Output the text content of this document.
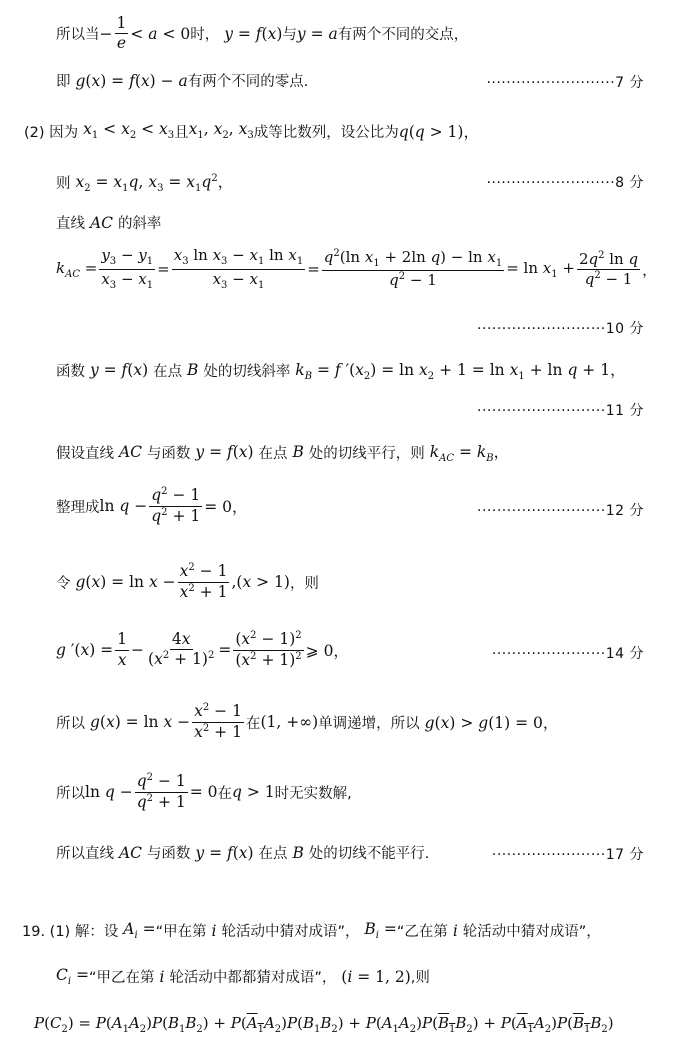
所以当 − $\frac{1}{e} < a < 0$ 时， y = f(x) 与 y = a 有两个不同的交点，
即 g(x) = f(x) − a 有两个不同的零点.	··························7 分
(2) 因为 $x_1 < x_2 < x_3$ 且 $x_1$, $x_2$, $x_3$ 成等比数列，设公比为 q(q > 1)，
则 $x_2 = x_1q$, $x_3 = x_1q^2$，	··························8 分
直线 AC 的斜率
$k_{AC} = \frac{y_3 - y_1}{x_3 - x_1} = \frac{x_3 \ln x_3 - x_1 \ln x_1}{x_3 - x_1} = \frac{q^2(\ln x_1 + 2\ln q) - \ln x_1}{q^2 - 1} = \ln x_1 + \frac{2q^2 \ln q}{q^2 - 1}$ ，
··························10 分
函数 y = f(x) 在点 B 处的切线斜率 $k_B = f$ $'(x_2) = \ln x_2 + 1 = \ln x_1 + \ln q + 1$，
··························11 分
假设直线 AC 与函数 y = f(x) 在点 B 处的切线平行，则 $k_{AC} = k_B$，
整理成 $\ln q - \frac{q^2 - 1}{q^2 + 1} = 0$，	··························12 分
令 $g(x) = \ln x - \frac{x^2 - 1}{x^2 + 1} ,(x > 1)$ ，则
g $'(x) = \frac{1}{x} - \frac{4x}{(x^2 + 1)^2} = \frac{(x^2 - 1)^2}{(x^2 + 1)^2}$ ⩾ 0，	·······················14 分
所以 $g(x) = \ln x - \frac{x^2 - 1}{x^2 + 1}$ 在 (1, +∞) 单调递增，所以 g(x) > g(1) = 0，
所以 $\ln q - \frac{q^2 - 1}{q^2 + 1} = 0$ 在 q > 1 时无实数解,
所以直线 AC 与函数 y = f(x) 在点 B 处的切线不能平行.	·······················17 分
19. (1) 解：设 $A_i$ = “甲在第 i 轮活动中猜对成语”， $B_i$ = “乙在第 i 轮活动中猜对成语”，
$C_i$ = “甲乙在第 i 轮活动中都都猜对成语”， (i = 1, 2) ,则
$P(C_2) = P(A_1A_2)P(B_1B_2) + P(A_1A_2)P(B_1B_2) + P(A_1A_2)P(B_1B_2) + P(A_1A_2)P(B_1B_2)$
